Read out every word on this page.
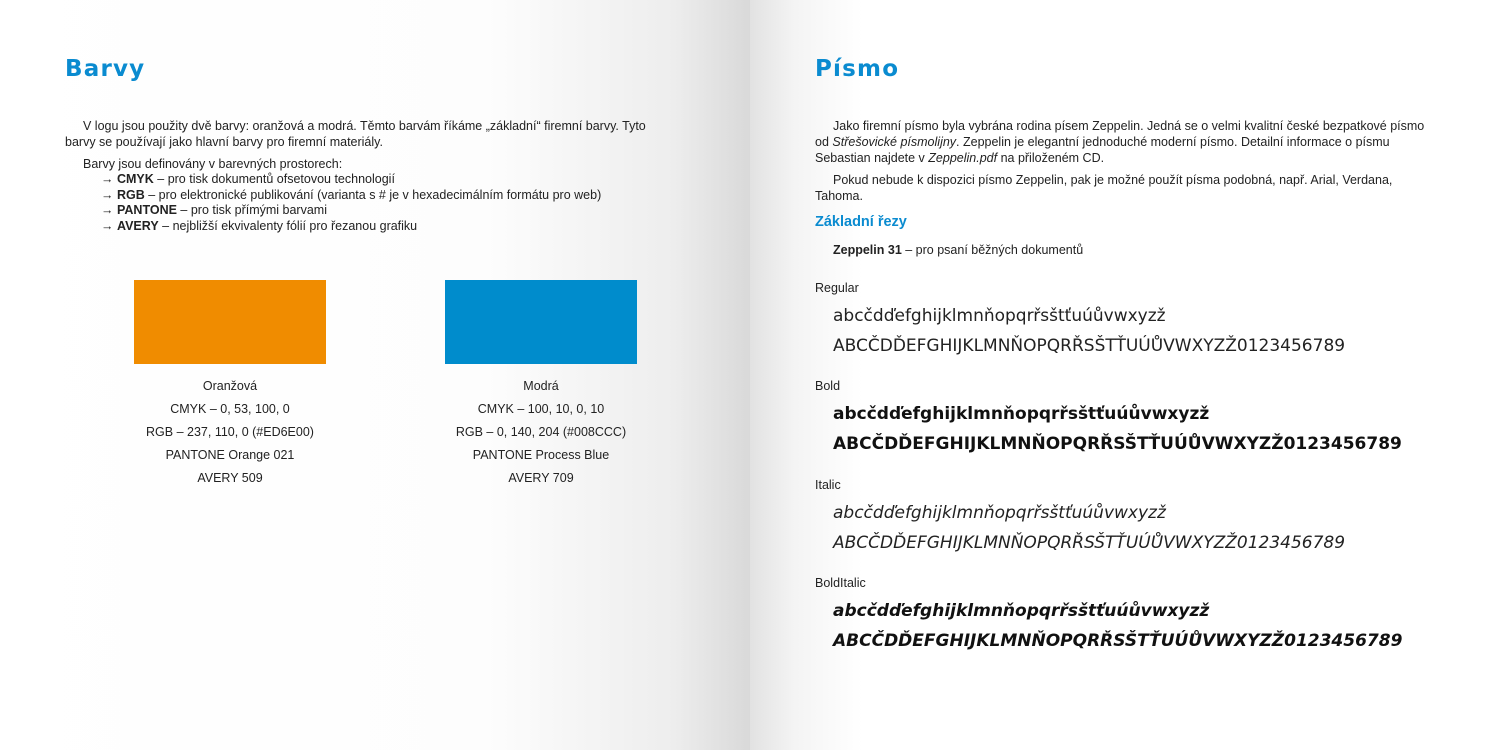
Barvy

V logu jsou použity dvě barvy: oranžová a modrá. Těmto barvám říkáme „základní“ firemní barvy. Tyto barvy se používají jako hlavní barvy pro firemní materiály.

Barvy jsou definovány v barevných prostorech:

→ CMYK – pro tisk dokumentů ofsetovou technologií
→ RGB – pro elektronické publikování (varianta s # je v hexadecimálním formátu pro web)
→ PANTONE – pro tisk přímými barvami
→ AVERY – nejbližší ekvivalenty fólií pro řezanou grafiku
Oranžová
CMYK – 0, 53, 100, 0
RGB – 237, 110, 0 (#ED6E00)
PANTONE Orange 021
AVERY 509
Modrá
CMYK – 100, 10, 0, 10
RGB – 0, 140, 204 (#008CCC)
PANTONE Process Blue
AVERY 709
Písmo

Jako firemní písmo byla vybrána rodina písem Zeppelin. Jedná se o velmi kvalitní české bezpatkové písmo od Střešovické písmolijny. Zeppelin je elegantní jednoduché moderní písmo. Detailní informace o písmu Sebastian najdete v Zeppelin.pdf na přiloženém CD.

Pokud nebude k dispozici písmo Zeppelin, pak je možné použít písma podobná, např. Arial, Verdana, Tahoma.

Základní řezy
Zeppelin 31 – pro psaní běžných dokumentů
Regular
abcčdďefghijklmnňopqrřsštťuúůvwxyzž
ABCČDĎEFGHIJKLMNŇOPQRŘSŠTŤUÚŮVWXYZŽ0123456789
Bold
abcčdďefghijklmnňopqrřsštťuúůvwxyzž
ABCČDĎEFGHIJKLMNŇOPQRŘSŠTŤUÚŮVWXYZŽ0123456789
Italic
abcčdďefghijklmnňopqrřsštťuúůvwxyzž
ABCČDĎEFGHIJKLMNŇOPQRŘSŠTŤUÚŮVWXYZŽ0123456789
BoldItalic
abcčdďefghijklmnňopqrřsštťuúůvwxyzž
ABCČDĎEFGHIJKLMNŇOPQRŘSŠTŤUÚŮVWXYZŽ0123456789
